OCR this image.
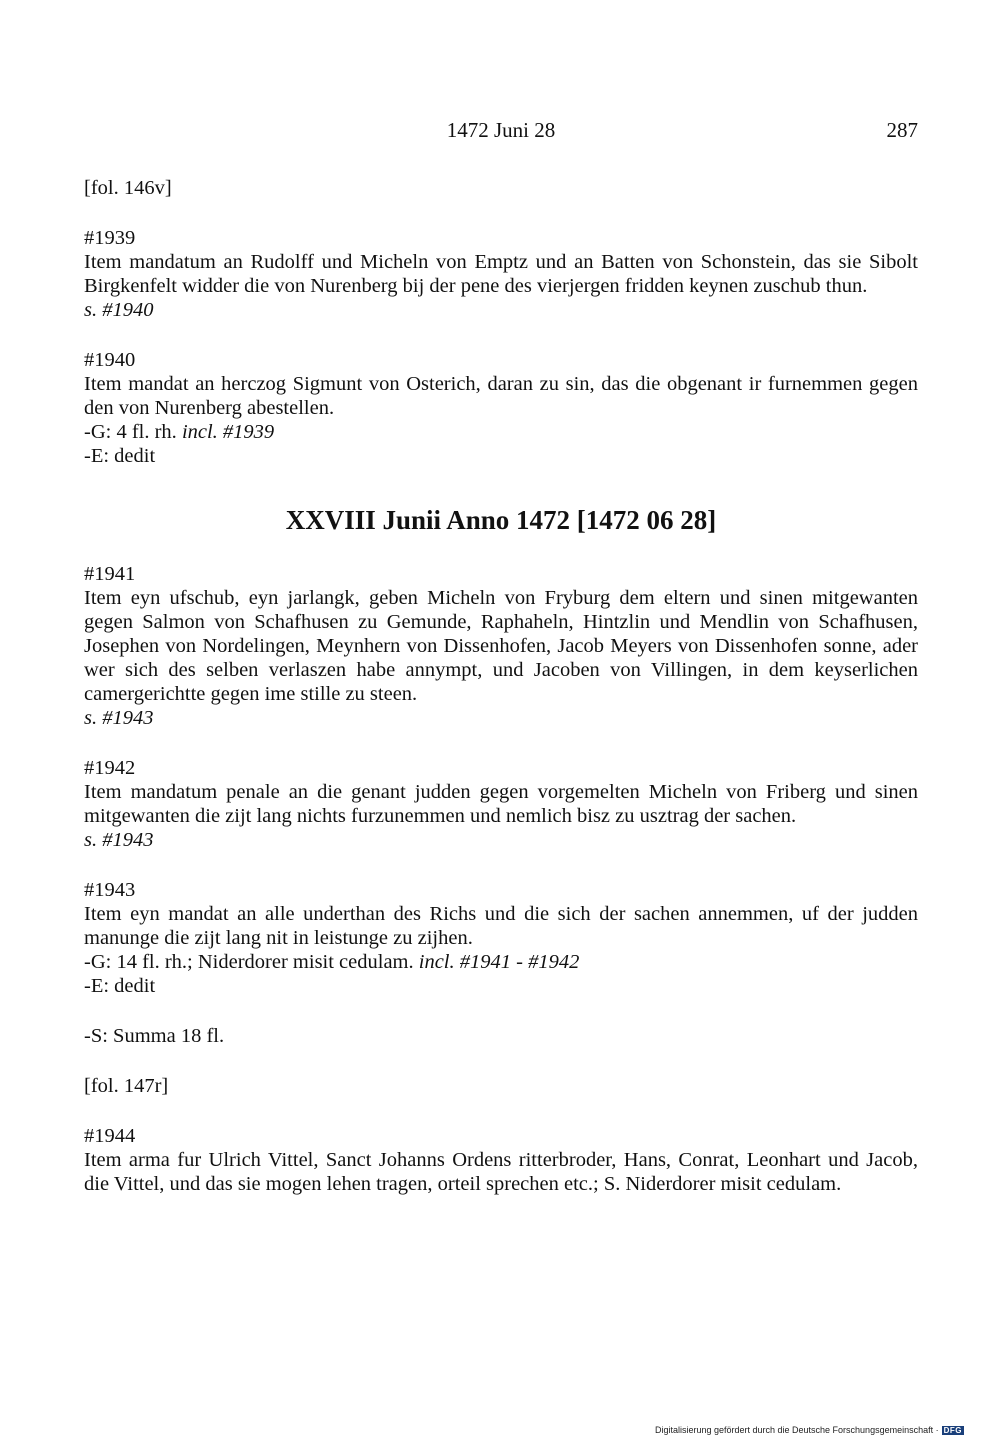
1472 Juni 28	287
[fol. 146v]
#1939
Item mandatum an Rudolff und Micheln von Emptz und an Batten von Schonstein, das sie Sibolt Birgkenfelt widder die von Nurenberg bij der pene des vierjergen fridden keynen zuschub thun.
s. #1940
#1940
Item mandat an herczog Sigmunt von Osterich, daran zu sin, das die obgenant ir furnemmen gegen den von Nurenberg abestellen.
-G: 4 fl. rh. incl. #1939
-E: dedit
XXVIII Junii Anno 1472 [1472 06 28]
#1941
Item eyn ufschub, eyn jarlangk, geben Micheln von Fryburg dem eltern und sinen mitgewanten gegen Salmon von Schafhusen zu Gemunde, Raphaheln, Hintzlin und Mendlin von Schafhusen, Josephen von Nordelingen, Meynhern von Dissenhofen, Jacob Meyers von Dissenhofen sonne, ader wer sich des selben verlaszen habe annympt, und Jacoben von Villingen, in dem keyserlichen camergerichtte gegen ime stille zu steen.
s. #1943
#1942
Item mandatum penale an die genant judden gegen vorgemelten Micheln von Friberg und sinen mitgewanten die zijt lang nichts furzunemmen und nemlich bisz zu usztrag der sachen.
s. #1943
#1943
Item eyn mandat an alle underthan des Richs und die sich der sachen annemmen, uf der judden manunge die zijt lang nit in leistunge zu zijhen.
-G: 14 fl. rh.; Niderdorer misit cedulam. incl. #1941 - #1942
-E: dedit
-S: Summa 18 fl.
[fol. 147r]
#1944
Item arma fur Ulrich Vittel, Sanct Johanns Ordens ritterbroder, Hans, Conrat, Leonhart und Jacob, die Vittel, und das sie mogen lehen tragen, orteil sprechen etc.; S. Niderdorer misit cedulam.
Digitalisierung gefördert durch die Deutsche Forschungsgemeinschaft · DFG
